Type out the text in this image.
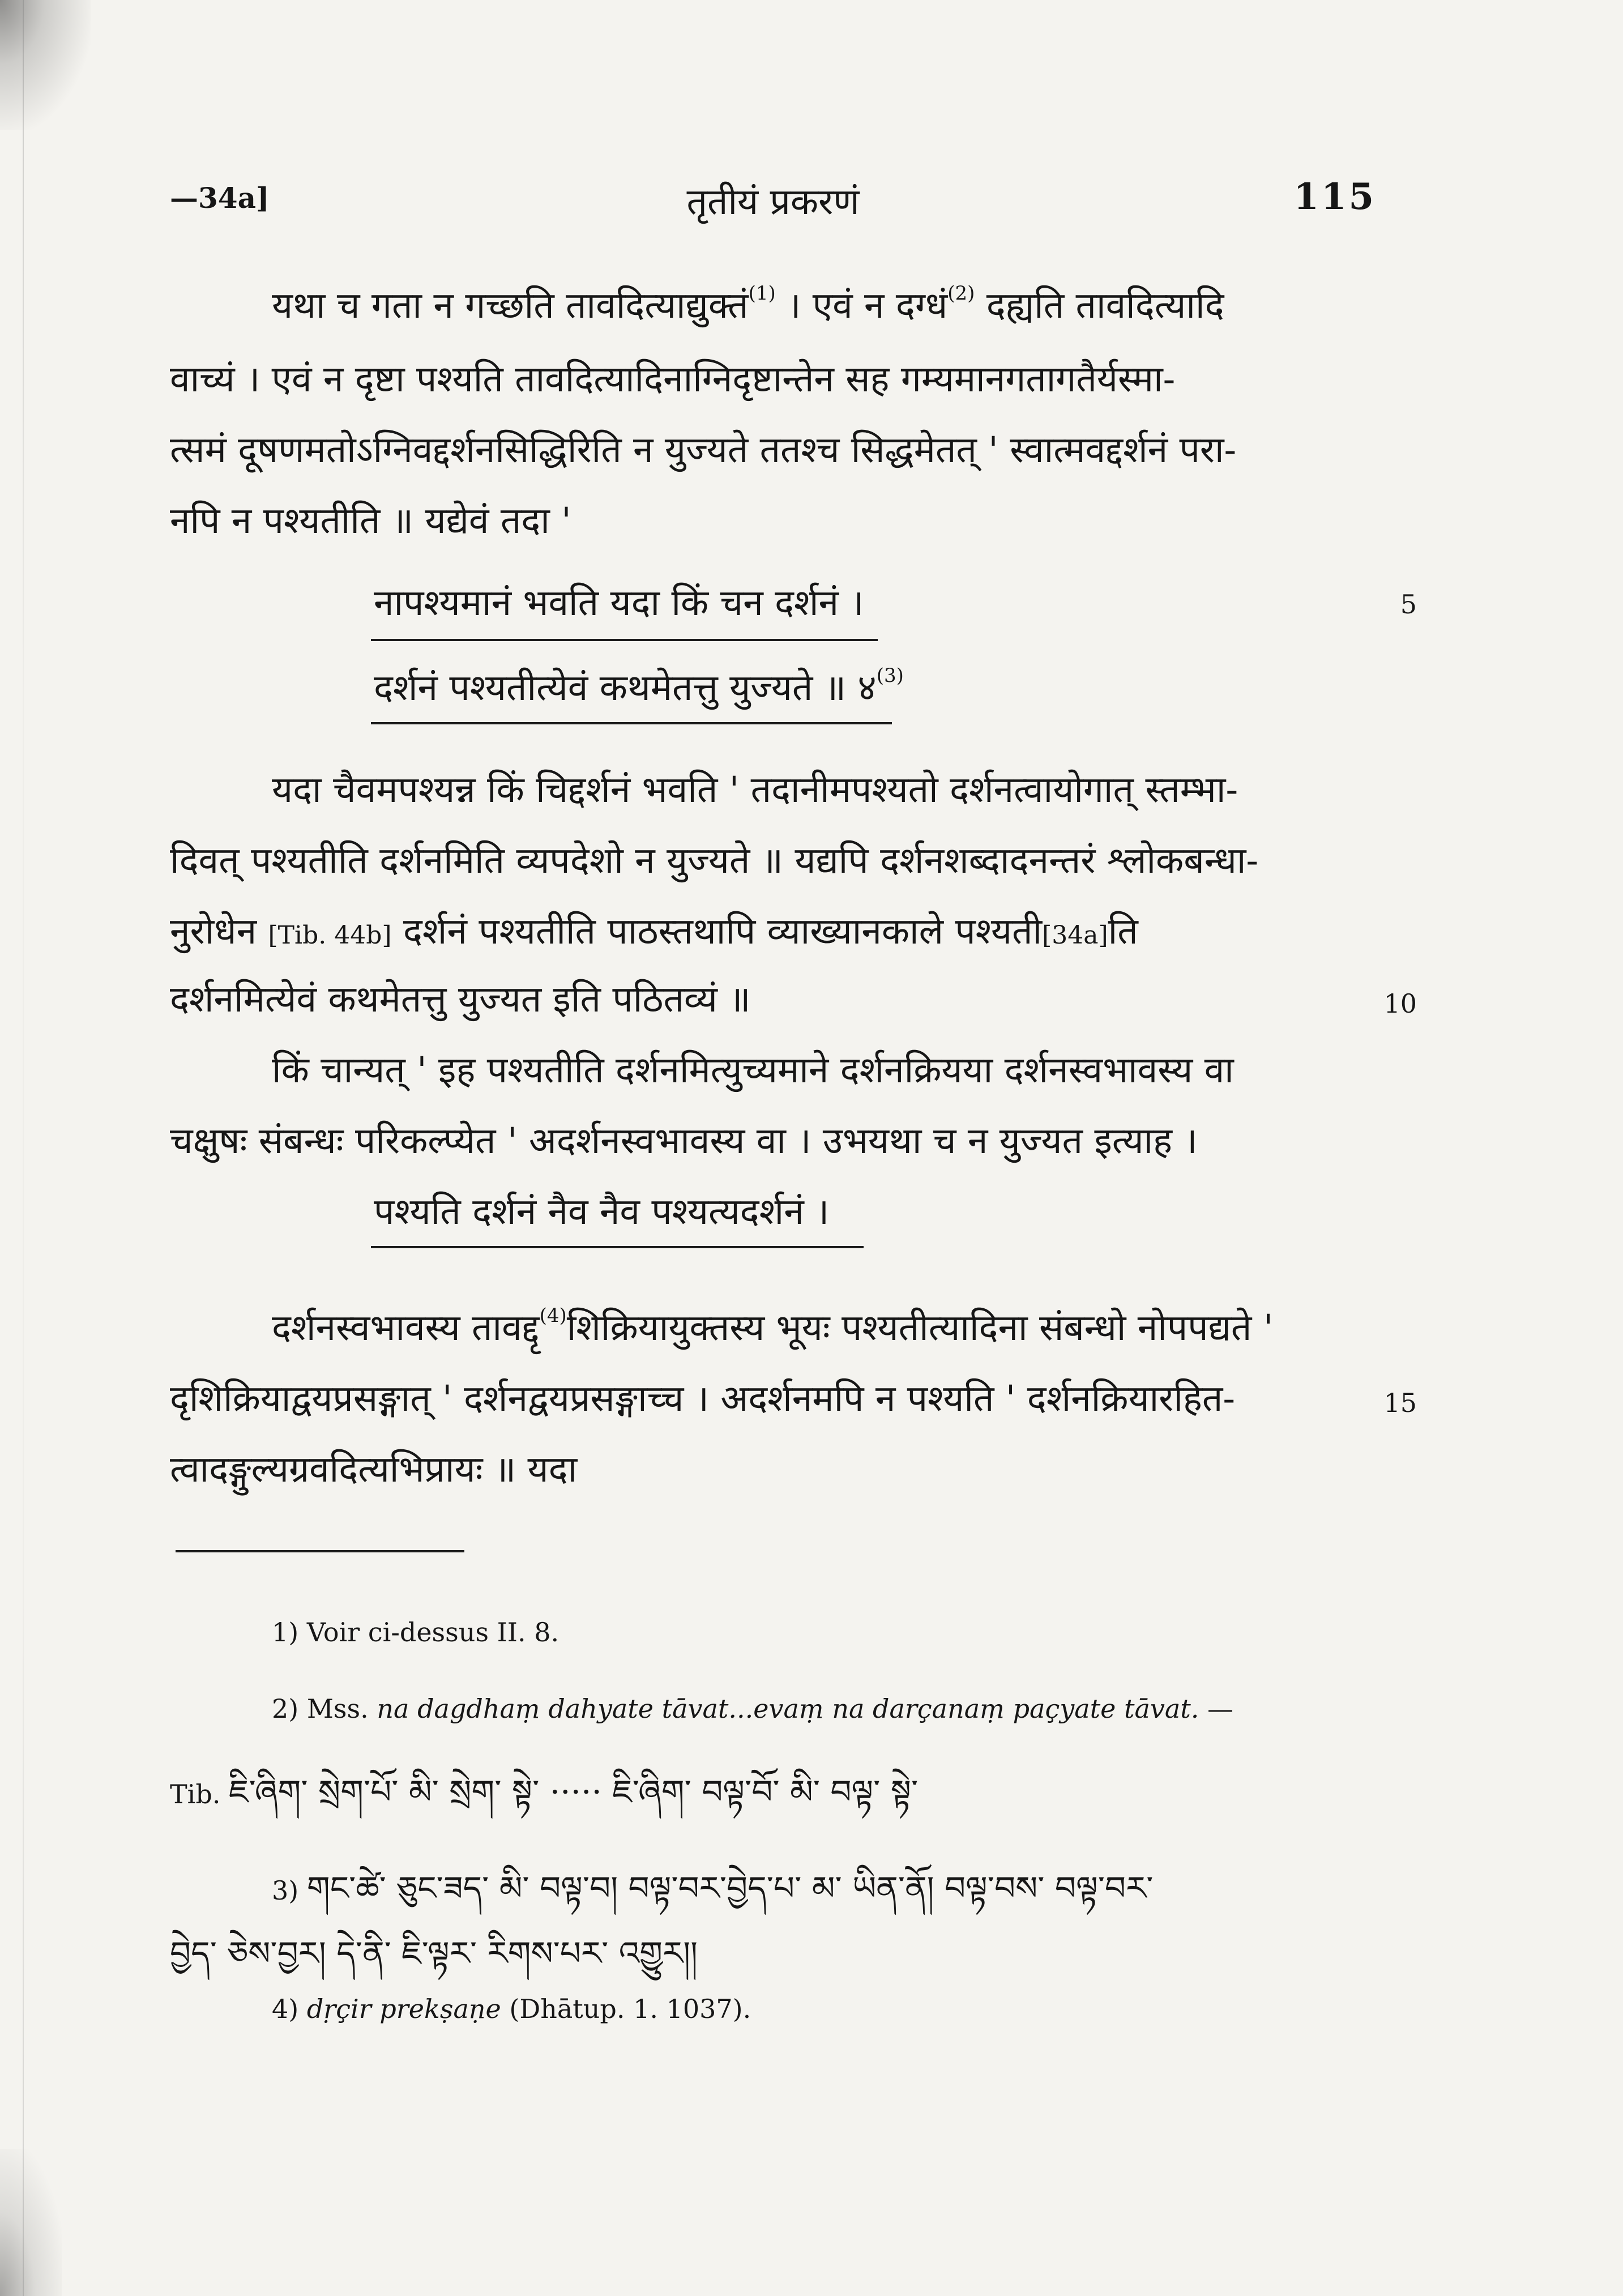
—34a]	तृतीयं प्रकरणं	115
यथा च गता न गच्छति तावदित्याद्युक्तं$^{(1)}$ । एवं न दग्धं$^{(2)}$ दह्यति तावदित्यादि
वाच्यं । एवं न दृष्टा पश्यति तावदित्यादिनाग्निदृष्टान्तेन सह गम्यमानगतागतैर्यस्मा-
त्समं दूषणमतोऽग्निवद्दर्शनसिद्धिरिति न युज्यते ततश्च सिद्धमेतत् ' स्वात्मवद्दर्शनं परा-
नपि न पश्यतीति ॥ यद्येवं तदा '
नापश्यमानं भवति यदा किं चन दर्शनं ।	5
दर्शनं पश्यतीत्येवं कथमेतत्तु युज्यते ॥ ४$^{(3)}$
यदा चैवमपश्यन्न किं चिद्दर्शनं भवति ' तदानीमपश्यतो दर्शनत्वायोगात् स्तम्भा-
दिवत् पश्यतीति दर्शनमिति व्यपदेशो न युज्यते ॥ यद्यपि दर्शनशब्दादनन्तरं श्लोकबन्धा-
नुरोधेन [Tib. 44b] दर्शनं पश्यतीति पाठस्तथापि व्याख्यानकाले पश्यती[34a]ति
दर्शनमित्येवं कथमेतत्तु युज्यत इति पठितव्यं ॥	10
किं चान्यत् ' इह पश्यतीति दर्शनमित्युच्यमाने दर्शनक्रियया दर्शनस्वभावस्य वा
चक्षुषः संबन्धः परिकल्प्येत ' अदर्शनस्वभावस्य वा । उभयथा च न युज्यत इत्याह ।
पश्यति दर्शनं नैव नैव पश्यत्यदर्शनं ।
दर्शनस्वभावस्य तावद्दृ$^{(4)}$शिक्रियायुक्तस्य भूयः पश्यतीत्यादिना संबन्धो नोपपद्यते '
दृशिक्रियाद्वयप्रसङ्गात् ' दर्शनद्वयप्रसङ्गाच्च । अदर्शनमपि न पश्यति ' दर्शनक्रियारहित-	15
त्वादङ्गुल्यग्रवदित्यभिप्रायः ॥ यदा
1) Voir ci-dessus II. 8.
2) Mss. na dagdhaṃ dahyate tāvat...evaṃ na darçanaṃ paçyate tāvat. —
Tib. ཇི་ཞིག་ སྲེག་པོ་ མི་ སྲེག་ སྟེ་ ····· ཇི་ཞིག་ བལྟ་བོ་ མི་ བལྟ་ སྟེ་
3) གང་ཚེ་ ཅུང་ཟད་ མི་ བལྟ་བ། བལྟ་བར་བྱེད་པ་ མ་ ཡིན་ནོ། བལྟ་བས་ བལྟ་བར་
བྱེད་ ཅེས་བྱར། དེ་ནི་ ཇི་ལྟར་ རིགས་པར་ འགྱུར།།
4) dṛçir prekṣaṇe (Dhātup. 1. 1037).
